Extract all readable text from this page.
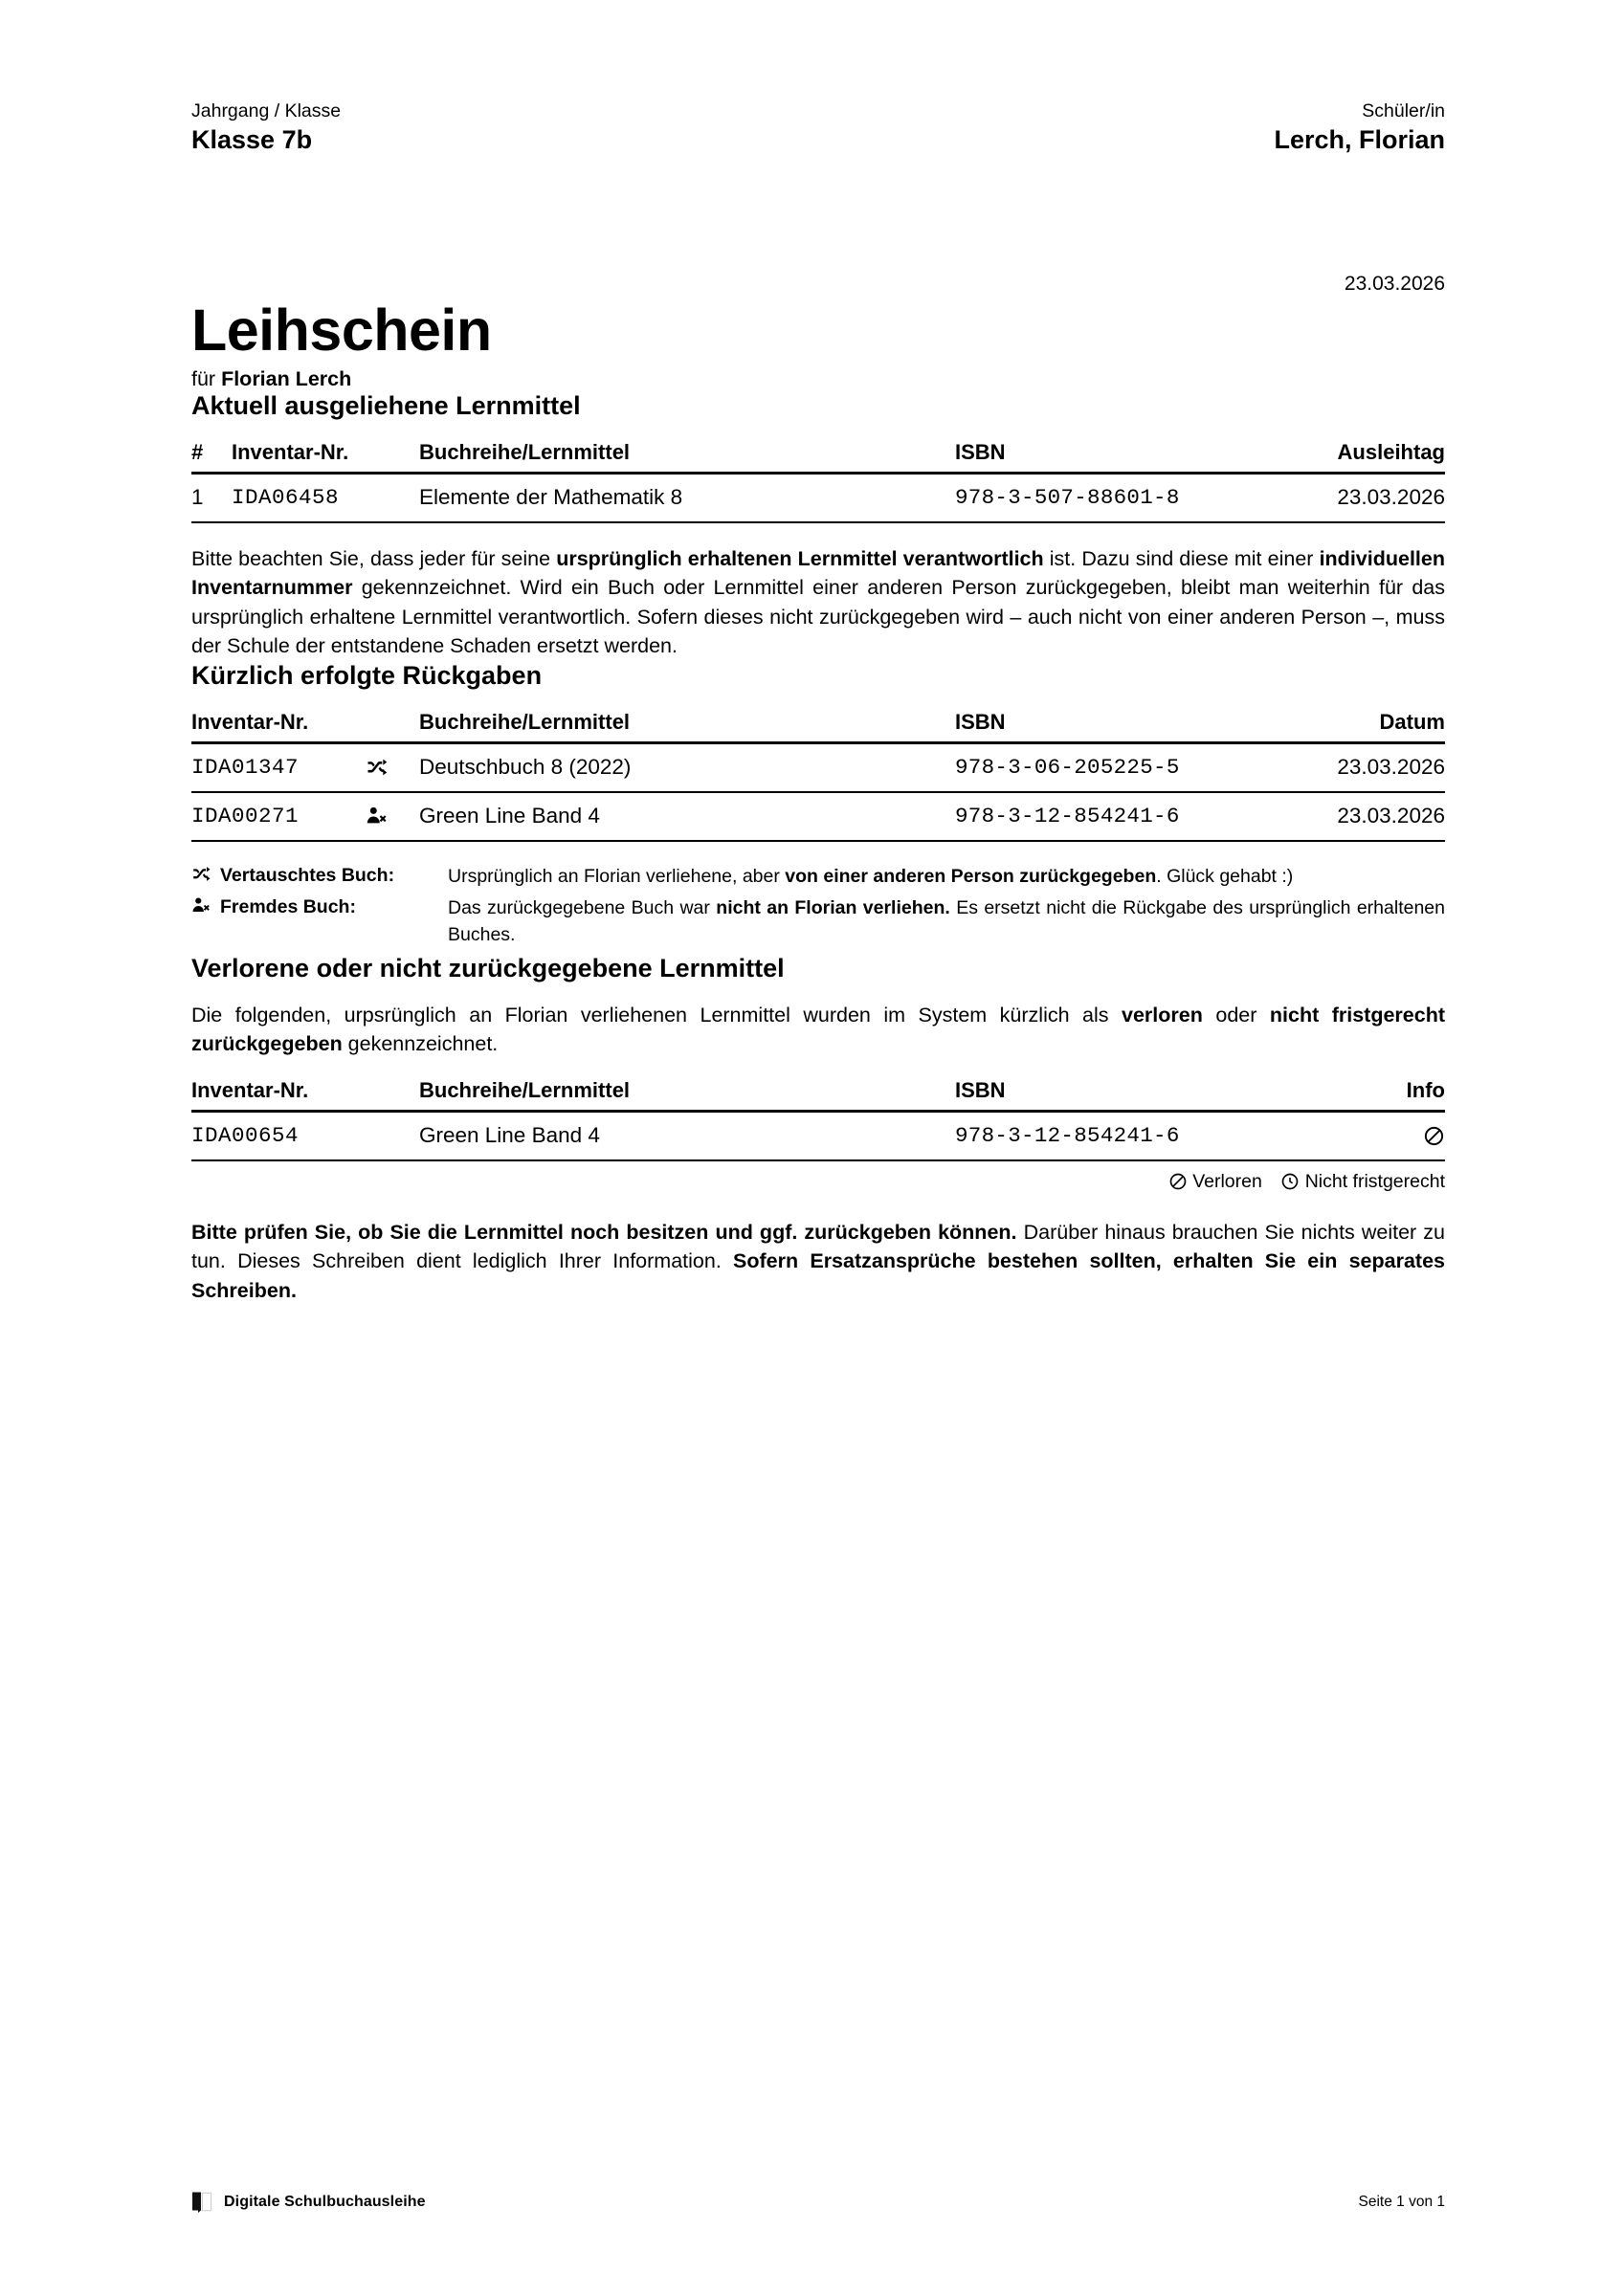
Jahrgang / Klasse
Klasse 7b
Schüler/in
Lerch, Florian
23.03.2026
Leihschein
für Florian Lerch
Aktuell ausgeliehene Lernmittel
#	Inventar-Nr.	Buchreihe/Lernmittel	ISBN	Ausleihtag
1	IDA06458	Elemente der Mathematik 8	978-3-507-88601-8	23.03.2026

Bitte beachten Sie, dass jeder für seine ursprünglich erhaltenen Lernmittel verantwortlich ist. Dazu sind diese mit einer individuellen Inventarnummer gekennzeichnet. Wird ein Buch oder Lernmittel einer anderen Person zurückgegeben, bleibt man weiterhin für das ursprünglich erhaltene Lernmittel verantwortlich. Sofern dieses nicht zurückgegeben wird – auch nicht von einer anderen Person –, muss der Schule der entstandene Schaden ersetzt werden.

Kürzlich erfolgte Rückgaben
Inventar-Nr.		Buchreihe/Lernmittel	ISBN	Datum
IDA01347		Deutschbuch 8 (2022)	978-3-06-205225-5	23.03.2026
IDA00271		Green Line Band 4	978-3-12-854241-6	23.03.2026
Vertauschtes Buch:	Ursprünglich an Florian verliehene, aber von einer anderen Person zurückgegeben. Glück gehabt :)
Fremdes Buch:	Das zurückgegebene Buch war nicht an Florian verliehen. Es ersetzt nicht die Rückgabe des ursprünglich erhaltenen Buches.
Verlorene oder nicht zurückgegebene Lernmittel

Die folgenden, urpsrünglich an Florian verliehenen Lernmittel wurden im System kürzlich als verloren oder nicht fristgerecht zurückgegeben gekennzeichnet.

Inventar-Nr.	Buchreihe/Lernmittel	ISBN	Info
IDA00654	Green Line Band 4	978-3-12-854241-6	
Verloren Nicht fristgerecht

Bitte prüfen Sie, ob Sie die Lernmittel noch besitzen und ggf. zurückgeben können. Darüber hinaus brauchen Sie nichts weiter zu tun. Dieses Schreiben dient lediglich Ihrer Information. Sofern Ersatzansprüche bestehen sollten, erhalten Sie ein separates Schreiben.

Digitale Schulbuchausleihe	Seite 1 von 1
